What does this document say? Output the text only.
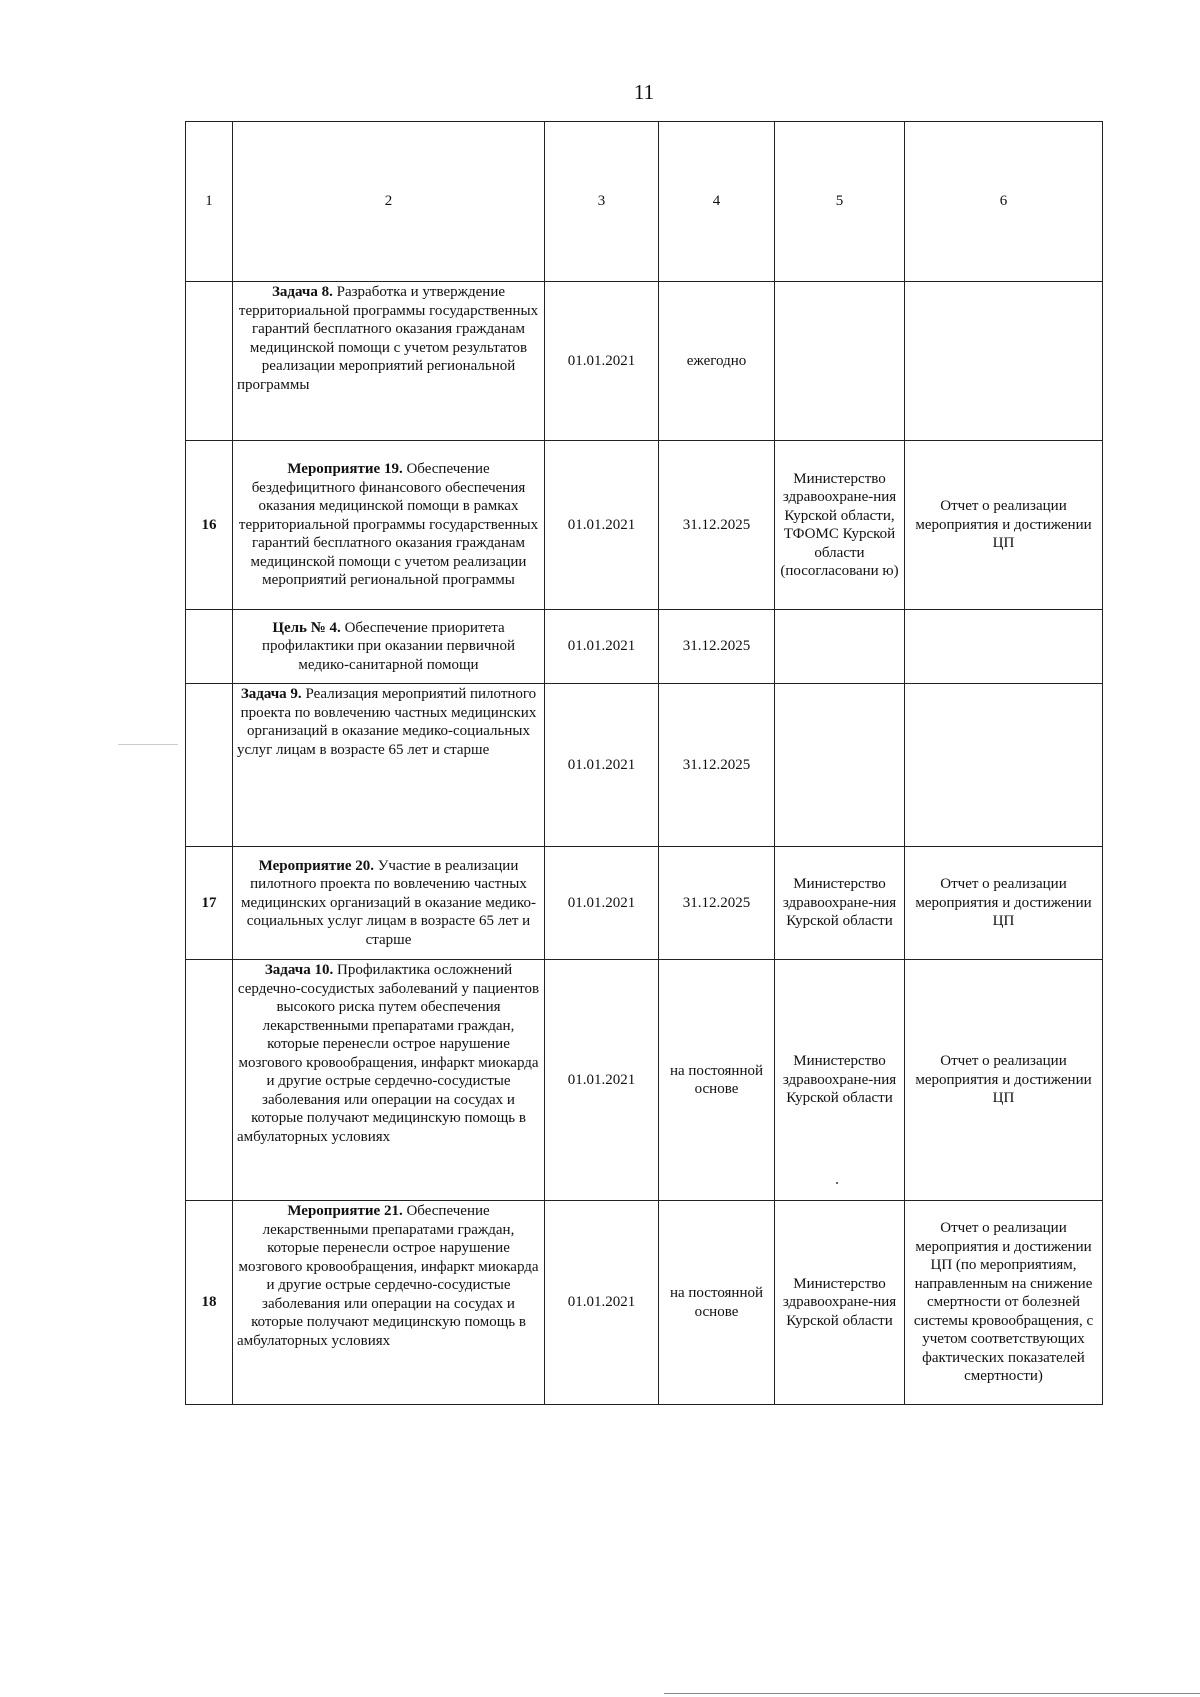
11
1	2	3	4	5	6
	Задача 8. Разработка и утверждение территориальной программы государственных гарантий бесплатного оказания гражданам медицинской помощи с учетом результатов реализации мероприятий региональной программы	01.01.2021	ежегодно		
16	Мероприятие 19. Обеспечение бездефицитного финансового обеспечения оказания медицинской помощи в рамках территориальной программы государственных гарантий бесплатного оказания гражданам медицинской помощи с учетом реализации мероприятий региональной программы	01.01.2021	31.12.2025	Министерство здравоохране-ния Курской области, ТФОМС Курской области (посогласовани ю)	Отчет о реализации мероприятия и достижении ЦП
	Цель № 4. Обеспечение приоритета профилактики при оказании первичной медико-санитарной помощи	01.01.2021	31.12.2025		
	Задача 9. Реализация мероприятий пилотного проекта по вовлечению частных медицинских организаций в оказание медико-социальных услуг лицам в возрасте 65 лет и старше	01.01.2021	31.12.2025		
17	Мероприятие 20. Участие в реализации пилотного проекта по вовлечению частных медицинских организаций в оказание медико-социальных услуг лицам в возрасте 65 лет и старше	01.01.2021	31.12.2025	Министерство здравоохране-ния Курской области	Отчет о реализации мероприятия и достижении ЦП
	Задача 10. Профилактика осложнений сердечно-сосудистых заболеваний у пациентов высокого риска путем обеспечения лекарственными препаратами граждан, которые перенесли острое нарушение мозгового кровообращения, инфаркт миокарда и другие острые сердечно-сосудистые заболевания или операции на сосудах и которые получают медицинскую помощь в амбулаторных условиях	01.01.2021	на постоянной основе	Министерство здравоохране-ния Курской области	Отчет о реализации мероприятия и достижении ЦП
18	Мероприятие 21. Обеспечение лекарственными препаратами граждан, которые перенесли острое нарушение мозгового кровообращения, инфаркт миокарда и другие острые сердечно-сосудистые заболевания или операции на сосудах и которые получают медицинскую помощь в амбулаторных условиях	01.01.2021	на постоянной основе	Министерство здравоохране-ния Курской области	Отчет о реализации мероприятия и достижении ЦП (по мероприятиям, направленным на снижение смертности от болезней системы кровообращения, с учетом соответствующих фактических показателей смертности)
